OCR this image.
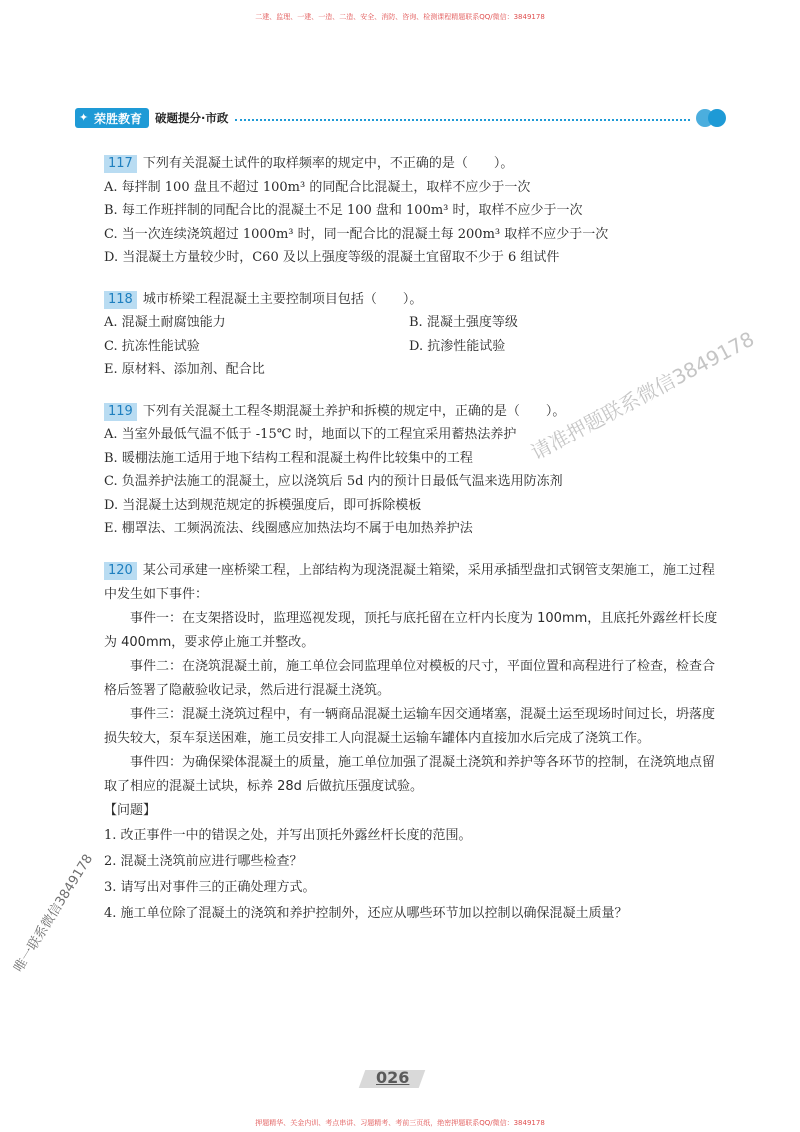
二建、监理、一建、一造、二造、安全、消防、咨询、检测课程精题联系QQ/微信：3849178
✦ 荣胜教育 破题提分·市政
117 下列有关混凝土试件的取样频率的规定中，不正确的是（　　）。
A. 每拌制 100 盘且不超过 100m³ 的同配合比混凝土，取样不应少于一次
B. 每工作班拌制的同配合比的混凝土不足 100 盘和 100m³ 时，取样不应少于一次
C. 当一次连续浇筑超过 1000m³ 时，同一配合比的混凝土每 200m³ 取样不应少于一次
D. 当混凝土方量较少时，C60 及以上强度等级的混凝土宜留取不少于 6 组试件
118 城市桥梁工程混凝土主要控制项目包括（　　）。
A. 混凝土耐腐蚀能力	B. 混凝土强度等级
C. 抗冻性能试验	D. 抗渗性能试验
E. 原材料、添加剂、配合比
119 下列有关混凝土工程冬期混凝土养护和拆模的规定中，正确的是（　　）。
A. 当室外最低气温不低于 -15℃ 时，地面以下的工程宜采用蓄热法养护
B. 暖棚法施工适用于地下结构工程和混凝土构件比较集中的工程
C. 负温养护法施工的混凝土，应以浇筑后 5d 内的预计日最低气温来选用防冻剂
D. 当混凝土达到规范规定的拆模强度后，即可拆除模板
E. 棚罩法、工频涡流法、线圈感应加热法均不属于电加热养护法
120 某公司承建一座桥梁工程，上部结构为现浇混凝土箱梁，采用承插型盘扣式钢管支架施工，施工过程中发生如下事件：
事件一：在支架搭设时，监理巡视发现，顶托与底托留在立杆内长度为 100mm，且底托外露丝杆长度为 400mm，要求停止施工并整改。
事件二：在浇筑混凝土前，施工单位会同监理单位对模板的尺寸，平面位置和高程进行了检查，检查合格后签署了隐蔽验收记录，然后进行混凝土浇筑。
事件三：混凝土浇筑过程中，有一辆商品混凝土运输车因交通堵塞，混凝土运至现场时间过长，坍落度损失较大，泵车泵送困难，施工员安排工人向混凝土运输车罐体内直接加水后完成了浇筑工作。
事件四：为确保梁体混凝土的质量，施工单位加强了混凝土浇筑和养护等各环节的控制，在浇筑地点留取了相应的混凝土试块，标养 28d 后做抗压强度试验。
【问题】
1. 改正事件一中的错误之处，并写出顶托外露丝杆长度的范围。
2. 混凝土浇筑前应进行哪些检查？
3. 请写出对事件三的正确处理方式。
4. 施工单位除了混凝土的浇筑和养护控制外，还应从哪些环节加以控制以确保混凝土质量？
请准押题联系微信3849178
唯一联系微信3849178
026
押题精华、关金内训、考点串讲、习题精考、考前三页纸，绝密押题联系QQ/微信：3849178
